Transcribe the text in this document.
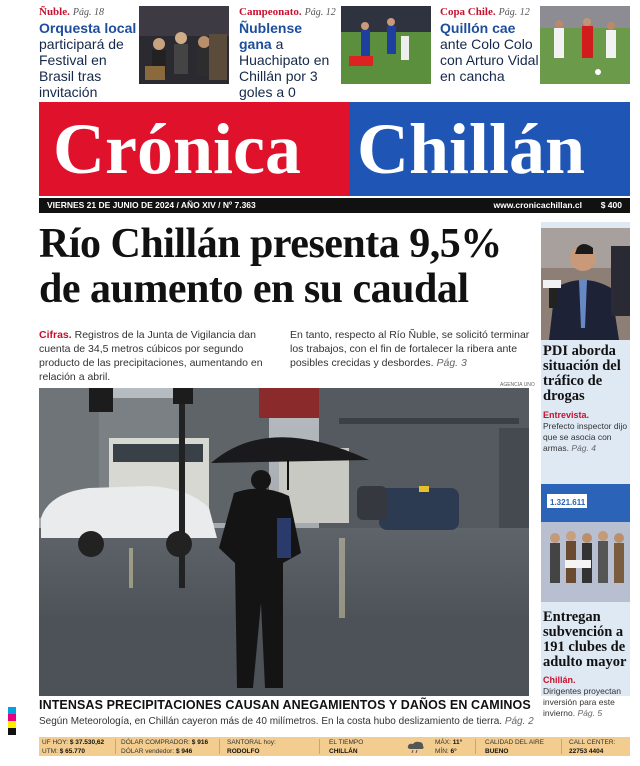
Ñuble. Pág. 18
Orquesta local participará de Festival en Brasil tras invitación
Campeonato. Pág. 12
Ñublense gana a Huachipato en Chillán por 3 goles a 0
Copa Chile. Pág. 12
Quillón cae ante Colo Colo con Arturo Vidal en cancha
Crónica Chillán
VIERNES 21 DE JUNIO DE 2024 / AÑO XIV / Nº 7.363	www.cronicachillan.cl $ 400
Río Chillán presenta 9,5% de aumento en su caudal
Cifras. Registros de la Junta de Vigilancia dan cuenta de 34,5 metros cúbicos por segundo producto de las precipitaciones, aumentando en relación a abril.
En tanto, respecto al Río Ñuble, se solicitó terminar los trabajos, con el fin de fortalecer la ribera ante posibles crecidas y desbordes. Pág. 3
AGENCIA UNO
INTENSAS PRECIPITACIONES CAUSAN ANEGAMIENTOS Y DAÑOS EN CAMINOS
Según Meteorología, en Chillán cayeron más de 40 milímetros. En la costa hubo deslizamiento de tierra. Pág. 2
PDI aborda situación del tráfico de drogas
Entrevista.
Prefecto inspector dijo que se asocia con armas. Pág. 4
1.321.611
Entregan subvención a 191 clubes de adulto mayor
Chillán.
Dirigentes proyectan inversión para este invierno. Pág. 5
UF HOY: $ 37.530,62
UTM: $ 65.770
DÓLAR COMPRADOR: $ 916
DÓLAR vendedor: $ 946
SANTORAL hoy:
RODOLFO
EL TIEMPO
CHILLÁN
MÁX: 11°
MÍN: 6°
CALIDAD DEL AIRE
BUENO
CALL CENTER:
22753 4404
